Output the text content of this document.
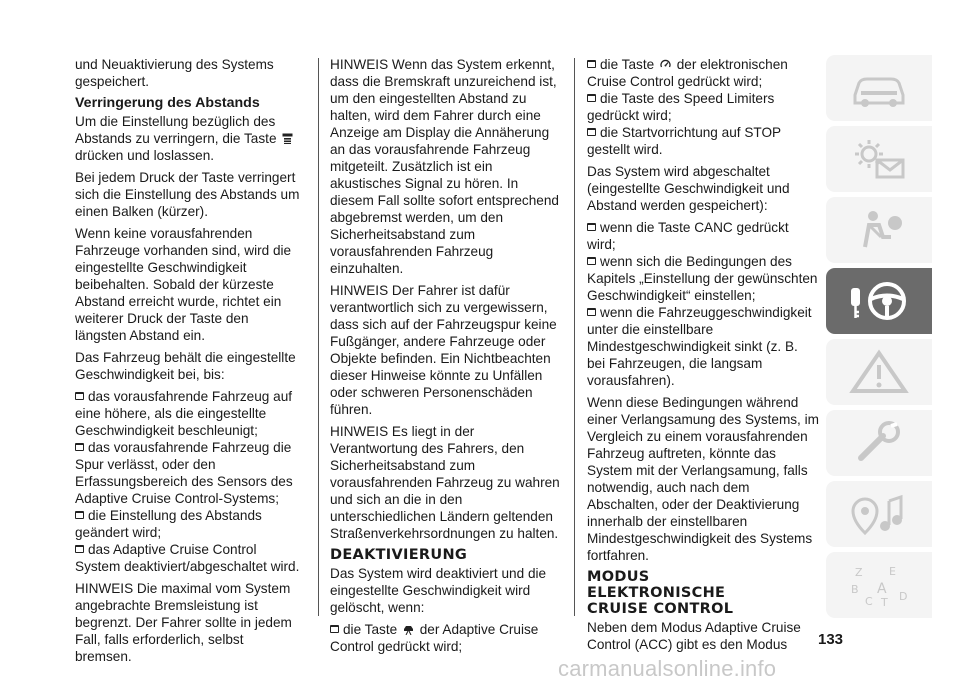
und Neuaktivierung des Systems gespeichert.

Verringerung des Abstands

Um die Einstellung bezüglich des Abstands zu verringern, die Taste
drücken und loslassen.

Bei jedem Druck der Taste verringert sich die Einstellung des Abstands um einen Balken (kürzer).

Wenn keine vorausfahrenden Fahrzeuge vorhanden sind, wird die eingestellte Geschwindigkeit beibehalten. Sobald der kürzeste Abstand erreicht wurde, richtet ein weiterer Druck der Taste den längsten Abstand ein.

Das Fahrzeug behält die eingestellte Geschwindigkeit bei, bis:

das vorausfahrende Fahrzeug auf eine höhere, als die eingestellte Geschwindigkeit beschleunigt;
das vorausfahrende Fahrzeug die Spur verlässt, oder den Erfassungsbereich des Sensors des Adaptive Cruise Control-Systems;
die Einstellung des Abstands geändert wird;
das Adaptive Cruise Control System deaktiviert/abgeschaltet wird.

HINWEIS Die maximal vom System angebrachte Bremsleistung ist begrenzt. Der Fahrer sollte in jedem Fall, falls erforderlich, selbst bremsen.

HINWEIS Wenn das System erkennt, dass die Bremskraft unzureichend ist, um den eingestellten Abstand zu halten, wird dem Fahrer durch eine Anzeige am Display die Annäherung an das vorausfahrende Fahrzeug mitgeteilt. Zusätzlich ist ein akustisches Signal zu hören. In diesem Fall sollte sofort entsprechend abgebremst werden, um den Sicherheitsabstand zum vorausfahrenden Fahrzeug einzuhalten.

HINWEIS Der Fahrer ist dafür verantwortlich sich zu vergewissern, dass sich auf der Fahrzeugspur keine Fußgänger, andere Fahrzeuge oder Objekte befinden. Ein Nichtbeachten dieser Hinweise könnte zu Unfällen oder schweren Personenschäden führen.

HINWEIS Es liegt in der Verantwortung des Fahrers, den Sicherheitsabstand zum vorausfahrenden Fahrzeug zu wahren und sich an die in den unterschiedlichen Ländern geltenden Straßenverkehrsordnungen zu halten.

DEAKTIVIERUNG

Das System wird deaktiviert und die eingestellte Geschwindigkeit wird gelöscht, wenn:

die Taste der Adaptive Cruise Control gedrückt wird;
die Taste der elektronischen Cruise Control gedrückt wird;
die Taste des Speed Limiters gedrückt wird;
die Startvorrichtung auf STOP gestellt wird.

Das System wird abgeschaltet (eingestellte Geschwindigkeit und Abstand werden gespeichert):

wenn die Taste CANC gedrückt wird;
wenn sich die Bedingungen des Kapitels „Einstellung der gewünschten Geschwindigkeit“ einstellen;
wenn die Fahrzeuggeschwindigkeit unter die einstellbare Mindestgeschwindigkeit sinkt (z. B. bei Fahrzeugen, die langsam vorausfahren).

Wenn diese Bedingungen während einer Verlangsamung des Systems, im Vergleich zu einem vorausfahrenden Fahrzeug auftreten, könnte das System mit der Verlangsamung, falls notwendig, auch nach dem Abschalten, oder der Deaktivierung innerhalb der einstellbaren Mindestgeschwindigkeit des Systems fortfahren.

MODUS
ELEKTRONISCHE
CRUISE CONTROL

Neben dem Modus Adaptive Cruise Control (ACC) gibt es den Modus

Z E
B A
C T D
133
carmanualsonline.info
